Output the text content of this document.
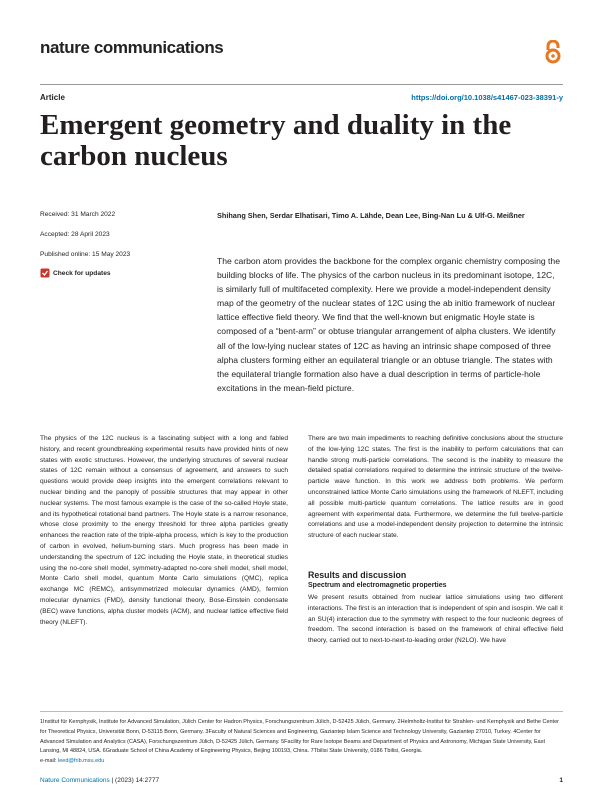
nature communications
Article	https://doi.org/10.1038/s41467-023-38391-y
Emergent geometry and duality in the carbon nucleus
Received: 31 March 2022
Accepted: 28 April 2023
Published online: 15 May 2023
Check for updates

Shihang Shen, Serdar Elhatisari, Timo A. Lähde, Dean Lee, Bing-Nan Lu & Ulf-G. Meißner

The carbon atom provides the backbone for the complex organic chemistry composing the building blocks of life. The physics of the carbon nucleus in its predominant isotope, 12C, is similarly full of multifaceted complexity. Here we provide a model-independent density map of the geometry of the nuclear states of 12C using the ab initio framework of nuclear lattice effective field theory. We find that the well-known but enigmatic Hoyle state is composed of a “bent-arm” or obtuse triangular arrangement of alpha clusters. We identify all of the low-lying nuclear states of 12C as having an intrinsic shape composed of three alpha clusters forming either an equilateral triangle or an obtuse triangle. The states with the equilateral triangle formation also have a dual description in terms of particle-hole excitations in the mean-field picture.

The physics of the 12C nucleus is a fascinating subject with a long and fabled history, and recent groundbreaking experimental results have provided hints of new states with exotic structures. However, the underlying structures of several nuclear states of 12C remain without a consensus of agreement, and answers to such questions would provide deep insights into the emergent correlations relevant to nuclear binding and the panoply of possible structures that may appear in other nuclear systems. The most famous example is the case of the so-called Hoyle state, and its hypothetical rotational band partners. The Hoyle state is a narrow resonance, whose close proximity to the energy threshold for three alpha particles greatly enhances the reaction rate of the triple-alpha process, which is key to the production of carbon in evolved, helium-burning stars. Much progress has been made in understanding the spectrum of 12C including the Hoyle state, in theoretical studies using the no-core shell model, symmetry-adapted no-core shell model, shell model, Monte Carlo shell model, quantum Monte Carlo simulations (QMC), replica exchange MC (REMC), antisymmetrized molecular dynamics (AMD), fermion molecular dynamics (FMD), density functional theory, Bose-Einstein condensate (BEC) wave functions, alpha cluster models (ACM), and nuclear lattice effective field theory (NLEFT).

There are two main impediments to reaching definitive conclusions about the structure of the low-lying 12C states. The first is the inability to perform calculations that can handle strong multi-particle correlations. The second is the inability to measure the detailed spatial correlations required to determine the intrinsic structure of the twelve-particle wave function. In this work we address both problems. We perform unconstrained lattice Monte Carlo simulations using the framework of NLEFT, including all possible multi-particle quantum correlations. The lattice results are in good agreement with experimental data. Furthermore, we determine the full twelve-particle correlations and use a model-independent density projection to determine the intrinsic structure of each nuclear state.

Results and discussion
Spectrum and electromagnetic properties

We present results obtained from nuclear lattice simulations using two different interactions. The first is an interaction that is independent of spin and isospin. We call it an SU(4) interaction due to the symmetry with respect to the four nucleonic degrees of freedom. The second interaction is based on the framework of chiral effective field theory, carried out to next-to-next-to-leading order (N2LO). We have

1Institut für Kernphysik, Institute for Advanced Simulation, Jülich Center for Hadron Physics, Forschungszentrum Jülich, D-52425 Jülich, Germany. 2Helmholtz-Institut für Strahlen- und Kernphysik and Bethe Center for Theoretical Physics, Universität Bonn, D-53115 Bonn, Germany. 3Faculty of Natural Sciences and Engineering, Gaziantep Islam Science and Technology University, Gaziantep 27010, Turkey. 4Center for Advanced Simulation and Analytics (CASA), Forschungszentrum Jülich, D-52425 Jülich, Germany. 5Facility for Rare Isotope Beams and Department of Physics and Astronomy, Michigan State University, East Lansing, MI 48824, USA. 6Graduate School of China Academy of Engineering Physics, Beijing 100193, China. 7Tbilisi State University, 0186 Tbilisi, Georgia.
e-mail: leed@frib.msu.edu

Nature Communications | (2023) 14:2777	1
